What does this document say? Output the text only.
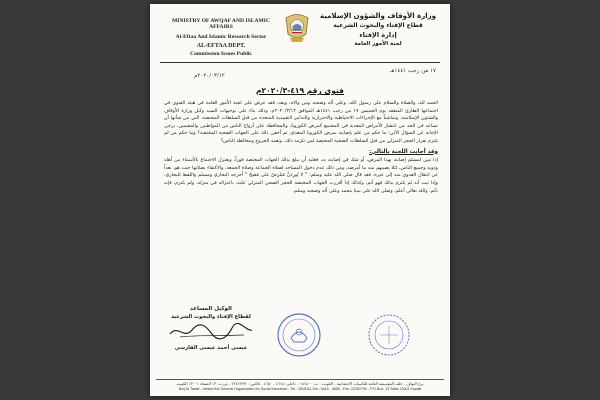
MINISTRY OF AWQAF AND ISLAMIC AFFAIRS
Al-Eftaa And Islamic Research Sector
AL-EFTAA DEPT.
Commission Issues Public
وزارة الأوقاف والشؤون الإسلامية
قطاع الإفتاء والبحوث الشرعية
إدارة الإفتاء
لجنة الأمور العامة
١٧ من رجب ١٤٤١هـ
٢٠٢٠/٠٣/١٢م
فتوى رقم ٤١٩-٢٠٢٠/٣م

الحمد لله، والصلاة والسلام على رسول الله، وعلى آله وصحبه ومن والاه، وبعد، فقد عرض على لجنة الأمور العامة في هيئة الفتوى في اجتماعها الطارئ المنعقد يوم الخميس ١٧ من رجب ١٤٤١هـ الموافق ٢٠٢٠/٣/١٢م، وذلك بناء على توجيهات السيد وكيل وزارة الأوقاف والشئون الإسلامية، وتماشياً مع الإجراءات الاحتياطية والاحترازية والتدابير التقييدية المتخذة من قبل السلطات المختصة، التي من شأنها أن تساعد في الحد من انتشار الأمراض المعدية في المجتمع كمرض الكورونا، والمحافظة على أرواح الناس من المواطنين والمقيمين، يرجى الإجابة عن السؤال الآتي: ما حكم من علم بإصابته بمرض الكورونا المعدي، ثم أخفى ذلك على الجهات الصحية المختصة؟ وما حكم من لم يلتزم بقرار الحجر المنزلي من قبل السلطات الصحية المختصة لمن تلزمه ذلك، وتعمد الخروج ومخالطة الناس؟

وقد أجابت اللجنة بالتالي:

إذا تبين لمسلم إصابته بهذا المرض، أو شك في إصابته به، فعليه أن يبلغ بذلك الجهات المختصة فوراً، ويعتزل الاجتماع بالأسماء من أهله وذويه وجميع الناس، لئلا يصيبهم منه ما أمرضه، ومن ذلك عدم دخول المساجد لصلاة الجماعة وصلاة الجمعة، والاكتفاء بصلاتها حيث هو، بعداً عن انتقال العدوى منه إلى غيره، فقد قال صلى الله عليه وسلم: " لا يُورِدَنَّ مُمْرِضٌ على مُصِحّ " أخرجه البخاري ومسلم واللفظ للبخاري. وإذا ثبت أنه لم يلتزم بذلك فهو آثم، وكذلك إذا أقررت الجهات المختصة الحجر الصحي المنزلي عليه، باعتزاله في منزله، ولم يلتزم، فإنه يأثم. والله تعالى أعلم، وصلى الله على نبينا محمد وعلى آله وصحبه وسلم.

الوكيل المساعد
لقطاع الإفتاء والبحوث الشرعية
عيسى أحمد عيسى الفارسي
برج التواف - خلف المؤسسة العامة للتأمينات الاجتماعية - الكويت - ت: ١٨١٥٠٠ - داخلي: ٤٦١٥ - ٤٦٥٠ - فاكس: ٢٢٤٢٢٧٩٠ - ص.ب: ١٣ الصفاة ١٣٠٠١ الكويت
Burj Al Tawaf - behind the General Organization for Social Insurance - Tel.: 1818111 Ext.: 4615 - 4650 - Fax: 22262790 - P.O.Box: 13 Safat 13001 Kuwait
